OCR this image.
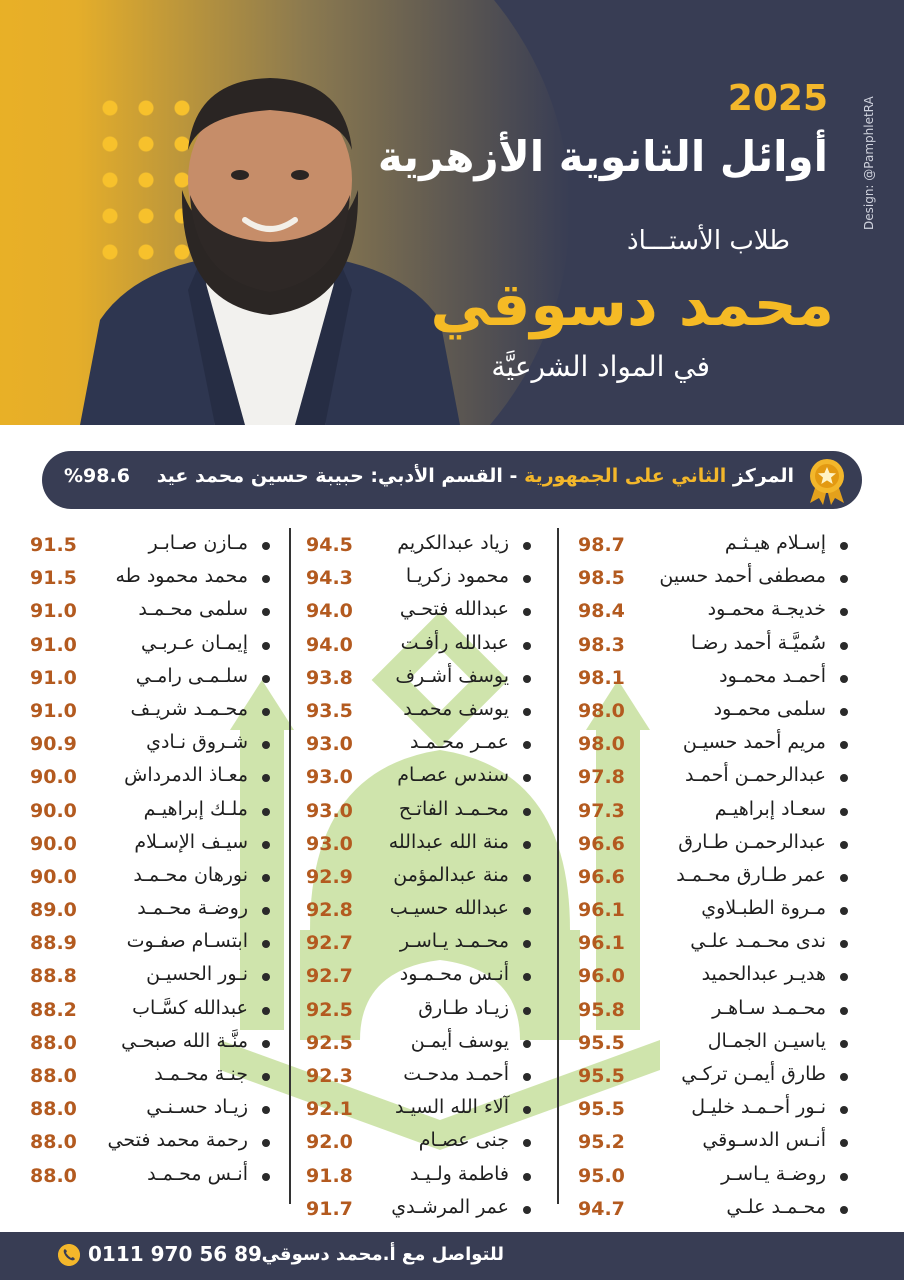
2025
أوائل الثانوية الأزهرية
طلاب الأستـــاذ
محمد دسوقي
في المواد الشرعيَّة
Design: @PamphletRA
المركز الثاني على الجمهورية - القسم الأدبي: حبيبة حسين محمد عيد
%98.6
إسـلام هيـثـم
98.7
مصطفى أحمد حسين
98.5
خديجـة محمـود
98.4
سُميَّـة أحمد رضـا
98.3
أحمـد محمـود
98.1
سلمى محمـود
98.0
مريم أحمد حسيـن
98.0
عبدالرحمـن أحمـد
97.8
سعـاد إبراهيـم
97.3
عبدالرحمـن طـارق
96.6
عمر طـارق محـمـد
96.6
مـروة الطبـلاوي
96.1
ندى محـمـد علـي
96.1
هديـر عبدالحميد
96.0
محـمـد سـاهـر
95.8
ياسيـن الجمـال
95.5
طارق أيمـن تركـي
95.5
نـور أحـمـد خليـل
95.5
أنـس الدسـوقي
95.2
روضـة يـاسـر
95.0
محـمـد علـي
94.7
زياد عبدالكريم
94.5
محمود زكريـا
94.3
عبدالله فتحـي
94.0
عبدالله رأفـت
94.0
يوسف أشـرف
93.8
يوسف محمـد
93.5
عمـر محـمـد
93.0
سندس عصـام
93.0
محـمـد الفاتـح
93.0
منة الله عبدالله
93.0
منة عبدالمؤمن
92.9
عبدالله حسيـب
92.8
محـمـد يـاسـر
92.7
أنـس محـمـود
92.7
زيـاد طـارق
92.5
يوسف أيمـن
92.5
أحمـد مدحـت
92.3
آلاء الله السيـد
92.1
جنى عصـام
92.0
فاطمة ولـيـد
91.8
عمر المرشـدي
91.7
مـازن صـابـر
91.5
محمد محمود طه
91.5
سلمى محـمـد
91.0
إيمـان عـربـي
91.0
سلـمـى رامـي
91.0
محـمـد شريـف
91.0
شـروق نـادي
90.9
معـاذ الدمرداش
90.0
ملـك إبراهيـم
90.0
سيـف الإسـلام
90.0
نورهان محـمـد
90.0
روضـة محـمـد
89.0
ابتسـام صفـوت
88.9
نـور الحسيـن
88.8
عبدالله كسَّـاب
88.2
منَّـة الله صبحـي
88.0
جنـة محـمـد
88.0
زيـاد حسـنـي
88.0
رحمة محمد فتحي
88.0
أنـس محـمـد
88.0
للتواصل مع أ.محمد دسوقي:
0111 970 56 89
